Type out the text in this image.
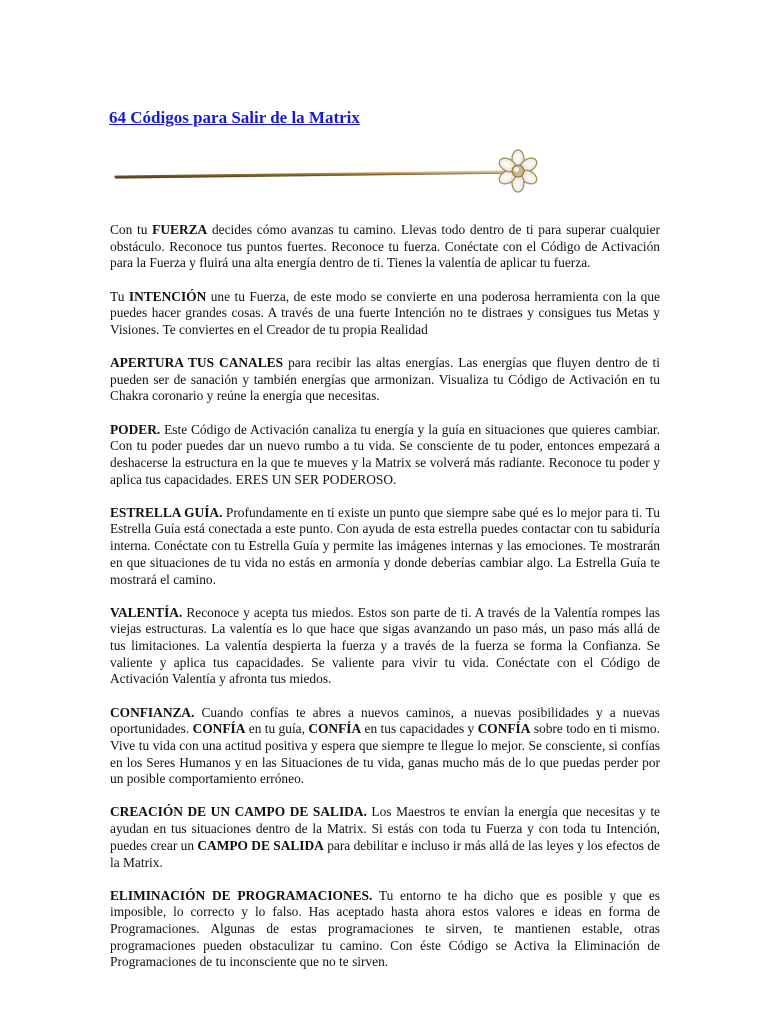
64 Códigos para Salir de la Matrix

Con tu FUERZA decides cómo avanzas tu camino. Llevas todo dentro de ti para superar cualquier obstáculo. Reconoce tus puntos fuertes. Reconoce tu fuerza. Conéctate con el Código de Activación para la Fuerza y fluirá una alta energía dentro de ti. Tienes la valentía de aplicar tu fuerza.

Tu INTENCIÓN une tu Fuerza, de este modo se convierte en una poderosa herramienta con la que puedes hacer grandes cosas. A través de una fuerte Intención no te distraes y consigues tus Metas y Visiones. Te conviertes en el Creador de tu propia Realidad

APERTURA TUS CANALES para recibir las altas energías. Las energías que fluyen dentro de ti pueden ser de sanación y también energías que armonizan. Visualiza tu Código de Activación en tu Chakra coronario y reúne la energía que necesitas.

PODER. Este Código de Activación canaliza tu energía y la guía en situaciones que quieres cambiar. Con tu poder puedes dar un nuevo rumbo a tu vida. Se consciente de tu poder, entonces empezará a deshacerse la estructura en la que te mueves y la Matrix se volverá más radiante. Reconoce tu poder y aplica tus capacidades. ERES UN SER PODEROSO.

ESTRELLA GUÍA. Profundamente en ti existe un punto que siempre sabe qué es lo mejor para ti. Tu Estrella Guía está conectada a este punto. Con ayuda de esta estrella puedes contactar con tu sabiduría interna. Conéctate con tu Estrella Guía y permite las imágenes internas y las emociones. Te mostrarán en que situaciones de tu vida no estás en armonía y donde deberías cambiar algo. La Estrella Guía te mostrará el camino.

VALENTÍA. Reconoce y acepta tus miedos. Estos son parte de ti. A través de la Valentía rompes las viejas estructuras. La valentía es lo que hace que sigas avanzando un paso más, un paso más allá de tus limitaciones. La valentía despierta la fuerza y a través de la fuerza se forma la Confianza. Se valiente y aplica tus capacidades. Se valiente para vivir tu vida. Conéctate con el Código de Activación Valentía y afronta tus miedos.

CONFIANZA. Cuando confías te abres a nuevos caminos, a nuevas posibilidades y a nuevas oportunidades. CONFÍA en tu guía, CONFÍA en tus capacidades y CONFÍA sobre todo en ti mismo. Vive tu vida con una actitud positiva y espera que siempre te llegue lo mejor. Se consciente, si confías en los Seres Humanos y en las Situaciones de tu vida, ganas mucho más de lo que puedas perder por un posible comportamiento erróneo.

CREACIÓN DE UN CAMPO DE SALIDA. Los Maestros te envían la energía que necesitas y te ayudan en tus situaciones dentro de la Matrix. Si estás con toda tu Fuerza y con toda tu Intención, puedes crear un CAMPO DE SALIDA para debilitar e incluso ir más allá de las leyes y los efectos de la Matrix.

ELIMINACIÓN DE PROGRAMACIONES. Tu entorno te ha dicho que es posible y que es imposible, lo correcto y lo falso. Has aceptado hasta ahora estos valores e ideas en forma de Programaciones. Algunas de estas programaciones te sirven, te mantienen estable, otras programaciones pueden obstaculizar tu camino. Con éste Código se Activa la Eliminación de Programaciones de tu inconsciente que no te sirven.
